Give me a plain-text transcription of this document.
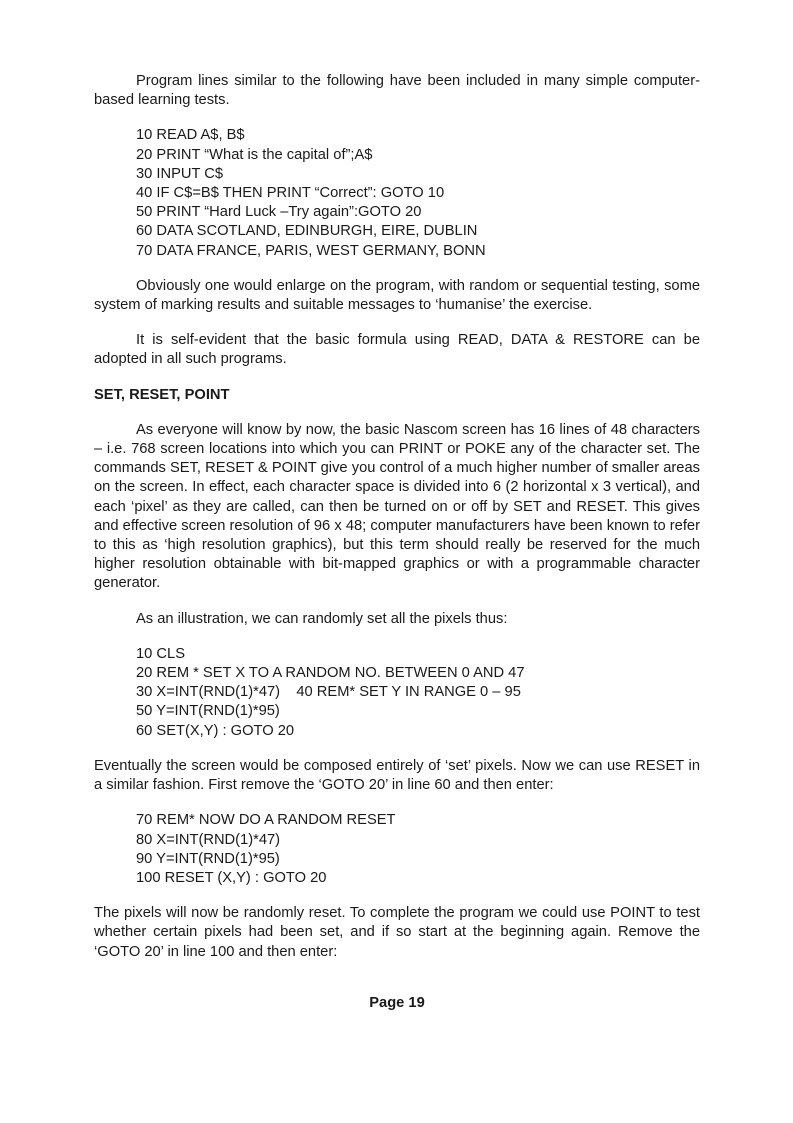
Program lines similar to the following have been included in many simple computer-based learning tests.

10 READ A$, B$
20 PRINT “What is the capital of”;A$
30 INPUT C$
40 IF C$=B$ THEN PRINT “Correct”: GOTO 10
50 PRINT “Hard Luck –Try again”:GOTO 20
60 DATA SCOTLAND, EDINBURGH, EIRE, DUBLIN
70 DATA FRANCE, PARIS, WEST GERMANY, BONN

Obviously one would enlarge on the program, with random or sequential testing, some system of marking results and suitable messages to ‘humanise’ the exercise.

It is self-evident that the basic formula using READ, DATA & RESTORE can be adopted in all such programs.

SET, RESET, POINT

As everyone will know by now, the basic Nascom screen has 16 lines of 48 characters – i.e. 768 screen locations into which you can PRINT or POKE any of the character set. The commands SET, RESET & POINT give you control of a much higher number of smaller areas on the screen. In effect, each character space is divided into 6 (2 horizontal x 3 vertical), and each ‘pixel’ as they are called, can then be turned on or off by SET and RESET. This gives and effective screen resolution of 96 x 48; computer manufacturers have been known to refer to this as ‘high resolution graphics), but this term should really be reserved for the much higher resolution obtainable with bit-mapped graphics or with a programmable character generator.

As an illustration, we can randomly set all the pixels thus:

10 CLS
20 REM * SET X TO A RANDOM NO. BETWEEN 0 AND 47
30 X=INT(RND(1)*47)    40 REM* SET Y IN RANGE 0 – 95
50 Y=INT(RND(1)*95)
60 SET(X,Y) : GOTO 20

Eventually the screen would be composed entirely of ‘set’ pixels. Now we can use RESET in a similar fashion. First remove the ‘GOTO 20’ in line 60 and then enter:

70 REM* NOW DO A RANDOM RESET
80 X=INT(RND(1)*47)
90 Y=INT(RND(1)*95)
100 RESET (X,Y) : GOTO 20

The pixels will now be randomly reset. To complete the program we could use POINT to test whether certain pixels had been set, and if so start at the beginning again. Remove the ‘GOTO 20’ in line 100 and then enter:

Page 19
